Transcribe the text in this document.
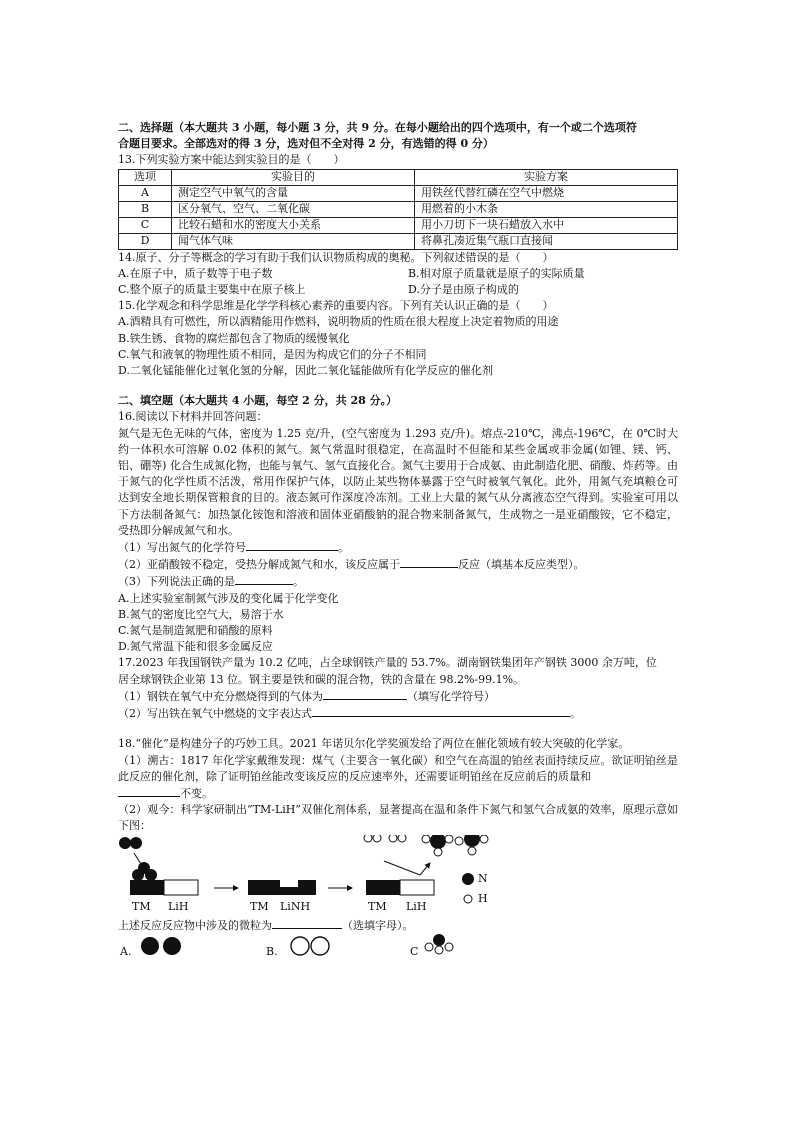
二、选择题（本大题共 3 小题，每小题 3 分，共 9 分。在每小题给出的四个选项中，有一个或二个选项符

合题目要求。全部选对的得 3 分，选对但不全对得 2 分，有选错的得 0 分）

13.下列实验方案中能达到实验目的是（　　）

选项	实验目的	实验方案
A	测定空气中氧气的含量	用铁丝代替红磷在空气中燃烧
B	区分氧气、空气、二氧化碳	用燃着的小木条
C	比较石蜡和水的密度大小关系	用小刀切下一块石蜡放入水中
D	闻气体气味	将鼻孔凑近集气瓶口直接闻

14.原子、分子等概念的学习有助于我们认识物质构成的奥秘。下列叙述错误的是（　　）

A.在原子中，质子数等于电子数	B.相对原子质量就是原子的实际质量
C.整个原子的质量主要集中在原子核上	D.分子是由原子构成的

15.化学观念和科学思维是化学学科核心素养的重要内容。下列有关认识正确的是（　　）

A.酒精具有可燃性，所以酒精能用作燃料，说明物质的性质在很大程度上决定着物质的用途

B.铁生锈、食物的腐烂都包含了物质的缓慢氧化

C.氧气和液氧的物理性质不相同，是因为构成它们的分子不相同

D.二氧化锰能催化过氧化氢的分解，因此二氧化锰能做所有化学反应的催化剂

二、填空题（本大题共 4 小题，每空 2 分，共 28 分。）

16.阅读以下材料并回答问题：

氮气是无色无味的气体，密度为 1.25 克/升，(空气密度为 1.293 克/升)。熔点-210℃，沸点-196℃，在 0℃时大约一体积水可溶解 0.02 体积的氮气。氮气常温时很稳定，在高温时不但能和某些金属或非金属(如锂、镁、钙、铝、硼等) 化合生成氮化物，也能与氧气、氢气直接化合。氮气主要用于合成氨、由此制造化肥、硝酸、炸药等。由于氮气的化学性质不活泼，常用作保护气体，以防止某些物体暴露于空气时被氧气氧化。此外，用氮气充填粮仓可达到安全地长期保管粮食的目的。液态氮可作深度冷冻剂。工业上大量的氮气从分离液态空气得到。实验室可用以下方法制备氮气：加热氯化铵饱和溶液和固体亚硝酸钠的混合物来制备氮气，生成物之一是亚硝酸铵，它不稳定，受热即分解成氮气和水。

（1）写出氮气的化学符号	。

（2）亚硝酸铵不稳定，受热分解成氮气和水，该反应属于	反应（填基本反应类型）。

（3）下列说法正确的是	。

A.上述实验室制氮气涉及的变化属于化学变化

B.氮气的密度比空气大，易溶于水

C.氮气是制造氮肥和硝酸的原料

D.氮气常温下能和很多金属反应

17.2023 年我国钢铁产量为 10.2 亿吨，占全球钢铁产量的 53.7%。湖南钢铁集团年产钢铁 3000 余万吨，位

居全球钢铁企业第 13 位。钢主要是铁和碳的混合物，铁的含量在 98.2%-99.1%。

（1）钢铁在氧气中充分燃烧得到的气体为	（填写化学符号）

（2）写出铁在氧气中燃烧的文字表达式	。

18.“催化”是构建分子的巧妙工具。2021 年诺贝尔化学奖颁发给了两位在催化领域有较大突破的化学家。

（1）溯古：1817 年化学家戴维发现：煤气（主要含一氧化碳）和空气在高温的铂丝表面持续反应。欲证明铂丝是此反应的催化剂，除了证明铂丝能改变该反应的反应速率外，还需要证明铂丝在反应前后的质量和

不变。

（2）观今：科学家研制出“TM-LiH”双催化剂体系，显著提高在温和条件下氮气和氢气合成氨的效率，原理示意如下图：

TM LiH	TM LiNH	TM LiH
N
H

上述反应反应物中涉及的微粒为	（选填字母）。

A.	B.	C
